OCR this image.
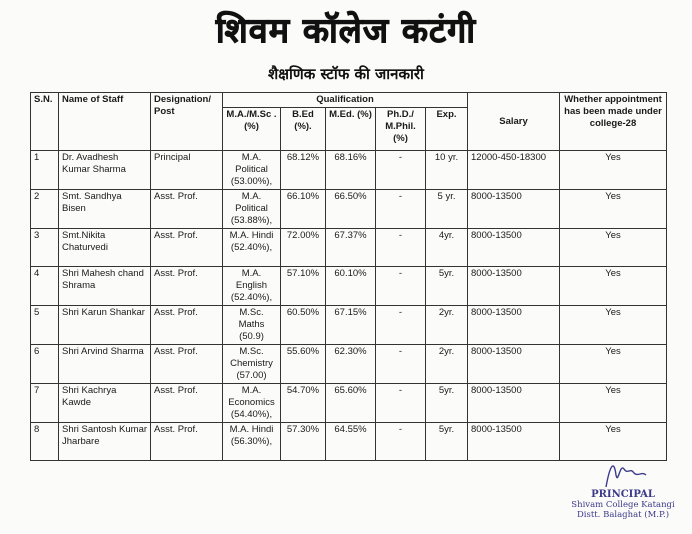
शिवम कॉलेज कटंगी
शैक्षणिक स्टॉफ की जानकारी
S.N.	Name of Staff	Designation/ Post	Qualification					Salary	Whether appointment has been made under college-28
			M.A./M.Sc . (%)	B.Ed (%).	M.Ed. (%)	Ph.D./ M.Phil. (%)	Exp.		
1	Dr. Avadhesh Kumar Sharma	Principal	M.A. Political (53.00%),	68.12%	68.16%	-	10 yr.	12000-450-18300	Yes
2	Smt. Sandhya Bisen	Asst. Prof.	M.A. Political (53.88%),	66.10%	66.50%	-	5 yr.	8000-13500	Yes
3	Smt.Nikita Chaturvedi	Asst. Prof.	M.A. Hindi (52.40%),	72.00%	67.37%	-	4yr.	8000-13500	Yes
4	Shri Mahesh chand Shrama	Asst. Prof.	M.A. English (52.40%),	57.10%	60.10%	-	5yr.	8000-13500	Yes
5	Shri Karun Shankar	Asst. Prof.	M.Sc. Maths (50.9)	60.50%	67.15%	-	2yr.	8000-13500	Yes
6	Shri Arvind Sharma	Asst. Prof.	M.Sc. Chemistry (57.00)	55.60%	62.30%	-	2yr.	8000-13500	Yes
7	Shri Kachrya Kawde	Asst. Prof.	M.A. Economics (54.40%),	54.70%	65.60%	-	5yr.	8000-13500	Yes
8	Shri Santosh Kumar Jharbare	Asst. Prof.	M.A. Hindi (56.30%),	57.30%	64.55%	-	5yr.	8000-13500	Yes
PRINCIPAL
Shivam College Katangi
Distt. Balaghat (M.P.)
